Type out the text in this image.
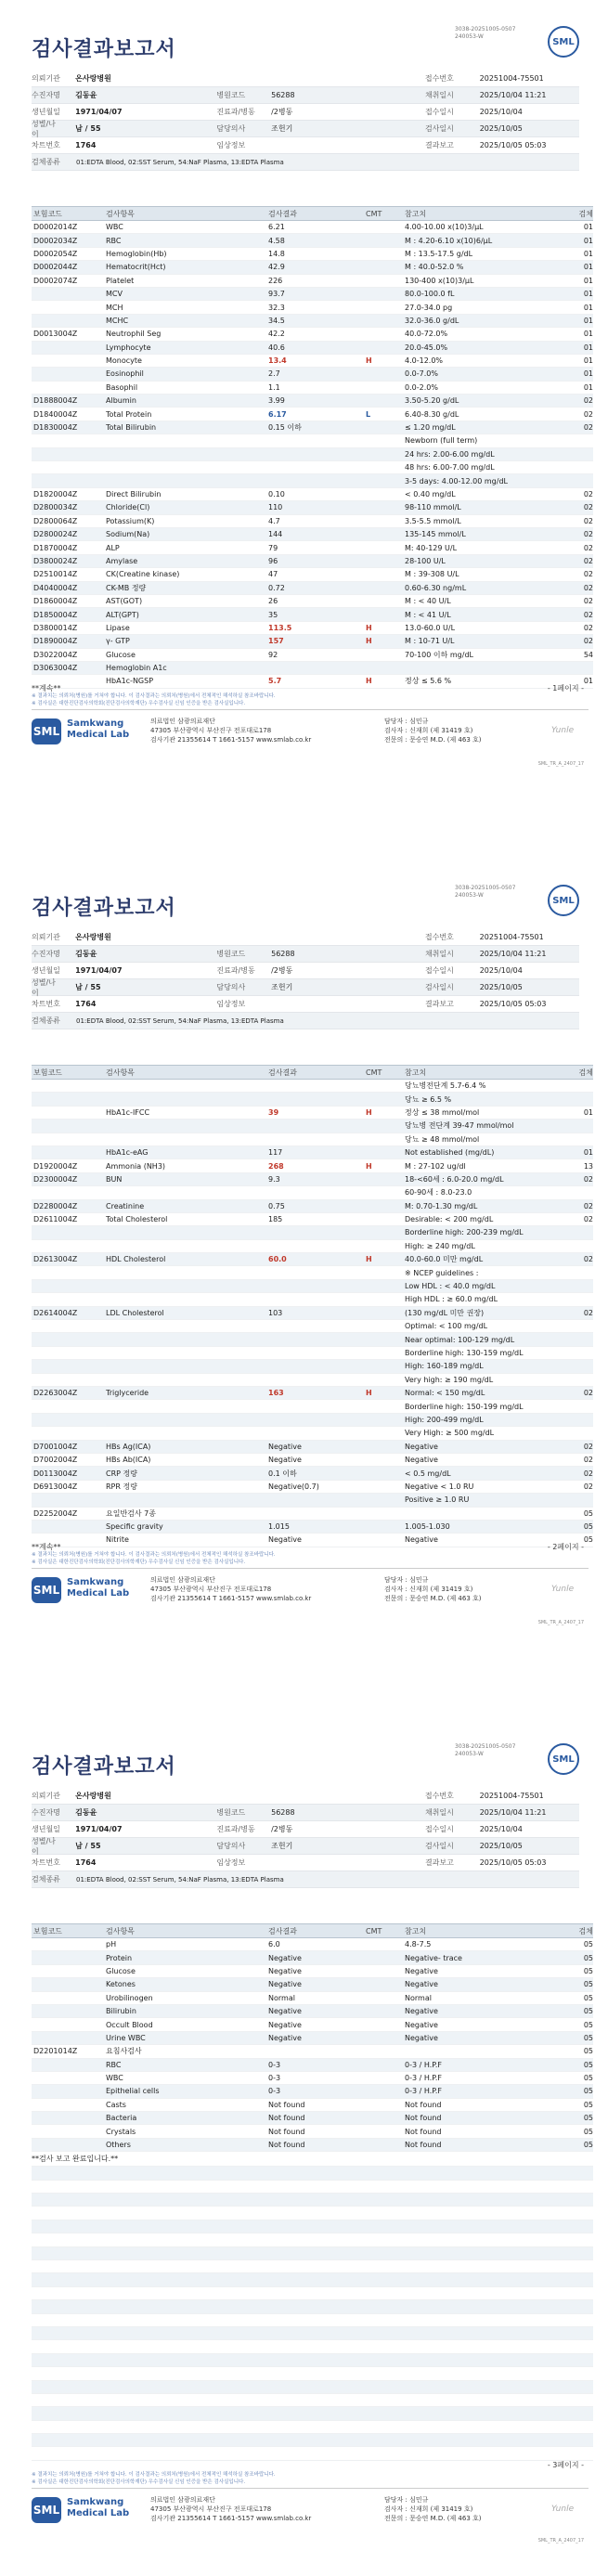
검사결과보고서
3038-20251005-0507
240053-W	SML
의뢰기관	온사랑병원	접수번호	20251004-75501
수진자명	김동윤	병원코드	56288	채취일시	2025/10/04 11:21
생년월일	1971/04/07	진료과/병동	/2병동	접수일시	2025/10/04
성별/나이
남 / 55	담당의사	조헌기	검사일시	2025/10/05
차트번호	1764	임상정보	결과보고	2025/10/05 05:03
검체종류	01:EDTA Blood, 02:SST Serum, 54:NaF Plasma, 13:EDTA Plasma
보험코드	검사항목	검사결과	CMT	참고치	검체
D0002014Z	WBC	6.21	4.00-10.00 x(10)3/μL	01
D0002034Z	RBC	4.58	M : 4.20-6.10 x(10)6/μL	01
D0002054Z	Hemoglobin(Hb)	14.8	M : 13.5-17.5 g/dL	01
D0002044Z	Hematocrit(Hct)	42.9	M : 40.0-52.0 %	01
D0002074Z	Platelet	226	130-400 x(10)3/μL	01
MCV	93.7	80.0-100.0 fL	01
MCH	32.3	27.0-34.0 pg	01
MCHC	34.5	32.0-36.0 g/dL	01
D0013004Z	Neutrophil Seg	42.2	40.0-72.0%	01
Lymphocyte	40.6	20.0-45.0%	01
Monocyte	13.4	H	4.0-12.0%	01
Eosinophil	2.7	0.0-7.0%	01
Basophil	1.1	0.0-2.0%	01
D1888004Z	Albumin	3.99	3.50-5.20 g/dL	02
D1840004Z	Total Protein	6.17	L	6.40-8.30 g/dL	02
D1830004Z	Total Bilirubin	0.15 이하	≤ 1.20 mg/dL	02
Newborn (full term)
24 hrs: 2.00-6.00 mg/dL
48 hrs: 6.00-7.00 mg/dL
3-5 days: 4.00-12.00 mg/dL
D1820004Z	Direct Bilirubin	0.10	< 0.40 mg/dL	02
D2800034Z	Chloride(Cl)	110	98-110 mmol/L	02
D2800064Z	Potassium(K)	4.7	3.5-5.5 mmol/L	02
D2800024Z	Sodium(Na)	144	135-145 mmol/L	02
D1870004Z	ALP	79	M: 40-129 U/L	02
D3800024Z	Amylase	96	28-100 U/L	02
D2510014Z	CK(Creatine kinase)	47	M : 39-308 U/L	02
D4040004Z	CK-MB 정량	0.72	0.60-6.30 ng/mL	02
D1860004Z	AST(GOT)	26	M : < 40 U/L	02
D1850004Z	ALT(GPT)	35	M : < 41 U/L	02
D3800014Z	Lipase	113.5	H	13.0-60.0 U/L	02
D1890004Z	γ- GTP	157	H	M : 10-71 U/L	02
D3022004Z	Glucose	92	70-100 이하 mg/dL	54
D3063004Z	Hemoglobin A1c
HbA1c-NGSP	5.7	H	정상 ≤ 5.6 %	01
**계속**	- 1페이지 -
※ 결과치는 의뢰처(병원)를 거쳐야 합니다. 이 검사결과는 의뢰처(병원)에서 전체적인 해석하실 참조바랍니다.
※ 검사실은 대한진단검사의학회(진단검사의학재단) 우수검사실 신임 인증을 받은 검사실입니다.
SML
Samkwang
Medical Lab
의료법인 삼광의료재단
47305 부산광역시 부산진구 전포대로178
검사기관 21355614 T 1661-5157 www.smlab.co.kr
담당자 : 심민규
검사자 : 신재희 (제 31419 호)
전문의 : 문승연 M.D. (제 463 호)
Yunle
SML_TR_A_2407_17
검사결과보고서
3038-20251005-0507
240053-W	SML
의뢰기관	온사랑병원	접수번호	20251004-75501
수진자명	김동윤	병원코드	56288	채취일시	2025/10/04 11:21
생년월일	1971/04/07	진료과/병동	/2병동	접수일시	2025/10/04
성별/나이
남 / 55	담당의사	조헌기	검사일시	2025/10/05
차트번호	1764	임상정보	결과보고	2025/10/05 05:03
검체종류	01:EDTA Blood, 02:SST Serum, 54:NaF Plasma, 13:EDTA Plasma
보험코드	검사항목	검사결과	CMT	참고치	검체
당뇨병전단계 5.7-6.4 %
당뇨 ≥ 6.5 %
HbA1c-IFCC	39	H	정상 ≤ 38 mmol/mol	01
당뇨병 전단계 39-47 mmol/mol
당뇨 ≥ 48 mmol/mol
HbA1c-eAG	117	Not established (mg/dL)	01
D1920004Z	Ammonia (NH3)	268	H	M : 27-102 ug/dl	13
D2300004Z	BUN	9.3	18-<60세 : 6.0-20.0 mg/dL	02
60-90세 : 8.0-23.0
D2280004Z	Creatinine	0.75	M: 0.70-1.30 mg/dL	02
D2611004Z	Total Cholesterol	185	Desirable: < 200 mg/dL	02
Borderline high: 200-239 mg/dL
High: ≥ 240 mg/dL
D2613004Z	HDL Cholesterol	60.0	H	40.0-60.0 미만 mg/dL	02
※ NCEP guidelines :
Low HDL : < 40.0 mg/dL
High HDL : ≥ 60.0 mg/dL
D2614004Z	LDL Cholesterol	103	(130 mg/dL 미만 권장)	02
Optimal: < 100 mg/dL
Near optimal: 100-129 mg/dL
Borderline high: 130-159 mg/dL
High: 160-189 mg/dL
Very high: ≥ 190 mg/dL
D2263004Z	Triglyceride	163	H	Normal: < 150 mg/dL	02
Borderline high: 150-199 mg/dL
High: 200-499 mg/dL
Very High: ≥ 500 mg/dL
D7001004Z	HBs Ag(ICA)	Negative	Negative	02
D7002004Z	HBs Ab(ICA)	Negative	Negative	02
D0113004Z	CRP 정량	0.1 이하	< 0.5 mg/dL	02
D6913004Z	RPR 정량	Negative(0.7)	Negative < 1.0 RU	02
Positive ≥ 1.0 RU
D2252004Z	요일반검사 7종	05
Specific gravity	1.015	1.005-1.030	05
Nitrite	Negative	Negative	05
**계속**	- 2페이지 -
※ 결과치는 의뢰처(병원)를 거쳐야 합니다. 이 검사결과는 의뢰처(병원)에서 전체적인 해석하실 참조바랍니다.
※ 검사실은 대한진단검사의학회(진단검사의학재단) 우수검사실 신임 인증을 받은 검사실입니다.
SML
Samkwang
Medical Lab
의료법인 삼광의료재단
47305 부산광역시 부산진구 전포대로178
검사기관 21355614 T 1661-5157 www.smlab.co.kr
담당자 : 심민규
검사자 : 신재희 (제 31419 호)
전문의 : 문승연 M.D. (제 463 호)
Yunle
SML_TR_A_2407_17
검사결과보고서
3038-20251005-0507
240053-W	SML
의뢰기관	온사랑병원	접수번호	20251004-75501
수진자명	김동윤	병원코드	56288	채취일시	2025/10/04 11:21
생년월일	1971/04/07	진료과/병동	/2병동	접수일시	2025/10/04
성별/나이
남 / 55	담당의사	조헌기	검사일시	2025/10/05
차트번호	1764	임상정보	결과보고	2025/10/05 05:03
검체종류	01:EDTA Blood, 02:SST Serum, 54:NaF Plasma, 13:EDTA Plasma
보험코드	검사항목	검사결과	CMT	참고치	검체
pH	6.0	4.8-7.5	05
Protein	Negative	Negative- trace	05
Glucose	Negative	Negative	05
Ketones	Negative	Negative	05
Urobilinogen	Normal	Normal	05
Bilirubin	Negative	Negative	05
Occult Blood	Negative	Negative	05
Urine WBC	Negative	Negative	05
D2201014Z	요침사검사	05
RBC	0-3	0-3 / H.P.F	05
WBC	0-3	0-3 / H.P.F	05
Epithelial cells	0-3	0-3 / H.P.F	05
Casts	Not found	Not found	05
Bacteria	Not found	Not found	05
Crystals	Not found	Not found	05
Others	Not found	Not found	05
**검사 보고 완료입니다.**
- 3페이지 -
※ 결과치는 의뢰처(병원)를 거쳐야 합니다. 이 검사결과는 의뢰처(병원)에서 전체적인 해석하실 참조바랍니다.
※ 검사실은 대한진단검사의학회(진단검사의학재단) 우수검사실 신임 인증을 받은 검사실입니다.
SML
Samkwang
Medical Lab
의료법인 삼광의료재단
47305 부산광역시 부산진구 전포대로178
검사기관 21355614 T 1661-5157 www.smlab.co.kr
담당자 : 심민규
검사자 : 신재희 (제 31419 호)
전문의 : 문승연 M.D. (제 463 호)
Yunle
SML_TR_A_2407_17
